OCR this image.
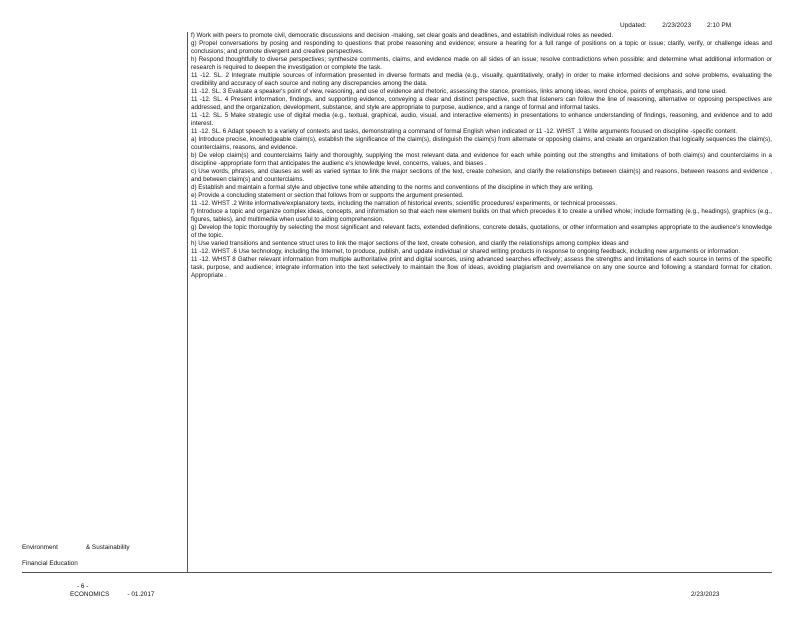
Updated: 2/23/2023 2:10 PM

f) Work with peers to promote civil, democratic discussions and decision -making, set clear goals and deadlines, and establish individual roles as needed.

g) Propel conversations by posing and responding to questions that probe reasoning and evidence; ensure a hearing for a full range of positions on a topic or issue; clarify, verify, or challenge ideas and conclusions; and promote divergent and creative perspectives.

h) Respond thoughtfully to diverse perspectives; synthesize comments, claims, and evidence made on all sides of an issue; resolve contradictions when possible; and determine what additional information or research is required to deepen the investigation or complete the task.

11 -12. SL. 2 Integrate multiple sources of information presented in diverse formats and media (e.g., visually, quantitatively, orally) in order to make informed decisions and solve problems, evaluating the credibility and accuracy of each source and noting any discrepancies among the data.

11 -12. SL. 3 Evaluate a speaker's point of view, reasoning, and use of evidence and rhetoric, assessing the stance, premises, links among ideas, word choice, points of emphasis, and tone used.

11 -12. SL. 4 Present information, findings, and supporting evidence, conveying a clear and distinct perspective, such that listeners can follow the line of reasoning, alternative or opposing perspectives are addressed, and the organization, development, substance, and style are appropriate to purpose, audience, and a range of formal and informal tasks.

11 -12. SL. 5 Make strategic use of digital media (e.g., textual, graphical, audio, visual, and interactive elements) in presentations to enhance understanding of findings, reasoning, and evidence and to add interest.

11 -12. SL. 6 Adapt speech to a variety of contexts and tasks, demonstrating a command of formal English when indicated or 11 -12. WHST .1 Write arguments focused on discipline -specific content.

a) Introduce precise, knowledgeable claim(s), establish the significance of the claim(s), distinguish the claim(s) from alternate or opposing claims, and create an organization that logically sequences the claim(s), counterclaims, reasons, and evidence.

b) De velop claim(s) and counterclaims fairly and thoroughly, supplying the most relevant data and evidence for each while pointing out the strengths and limitations of both claim(s) and counterclaims in a discipline -appropriate form that anticipates the audienc e's knowledge level, concerns, values, and biases .

c) Use words, phrases, and clauses as well as varied syntax to link the major sections of the text, create cohesion, and clarify the relationships between claim(s) and reasons, between reasons and evidence , and between claim(s) and counterclaims.

d) Establish and maintain a formal style and objective tone while attending to the norms and conventions of the discipline in which they are writing.

e) Provide a concluding statement or section that follows from or supports the argument presented.

11 -12. WHST .2 Write informative/explanatory texts, including the narration of historical events, scientific procedures/ experiments, or technical processes.

f) Introduce a topic and organize complex ideas, concepts, and information so that each new element builds on that which precedes it to create a unified whole; include formatting (e.g., headings), graphics (e.g., figures, tables), and multimedia when useful to aiding comprehension.

g) Develop the topic thoroughly by selecting the most significant and relevant facts, extended definitions, concrete details, quotations, or other information and examples appropriate to the audience's knowledge of the topic.

h) Use varied transitions and sentence struct ures to link the major sections of the text, create cohesion, and clarify the relationships among complex ideas and

11 -12. WHST .6 Use technology, including the Internet, to produce, publish, and update individual or shared writing products in response to ongoing feedback, including new arguments or information.

11 -12. WHST 8 Gather relevant information from multiple authoritative print and digital sources, using advanced searches effectively; assess the strengths and limitations of each source in terms of the specific task, purpose, and audience; integrate information into the text selectively to maintain the flow of ideas, avoiding plagiarism and overreliance on any one source and following a standard format for citation. Appropriate .

Environment	& Sustainability
Financial Education
- 6 -
ECONOMICS	- 01.2017	2/23/2023
